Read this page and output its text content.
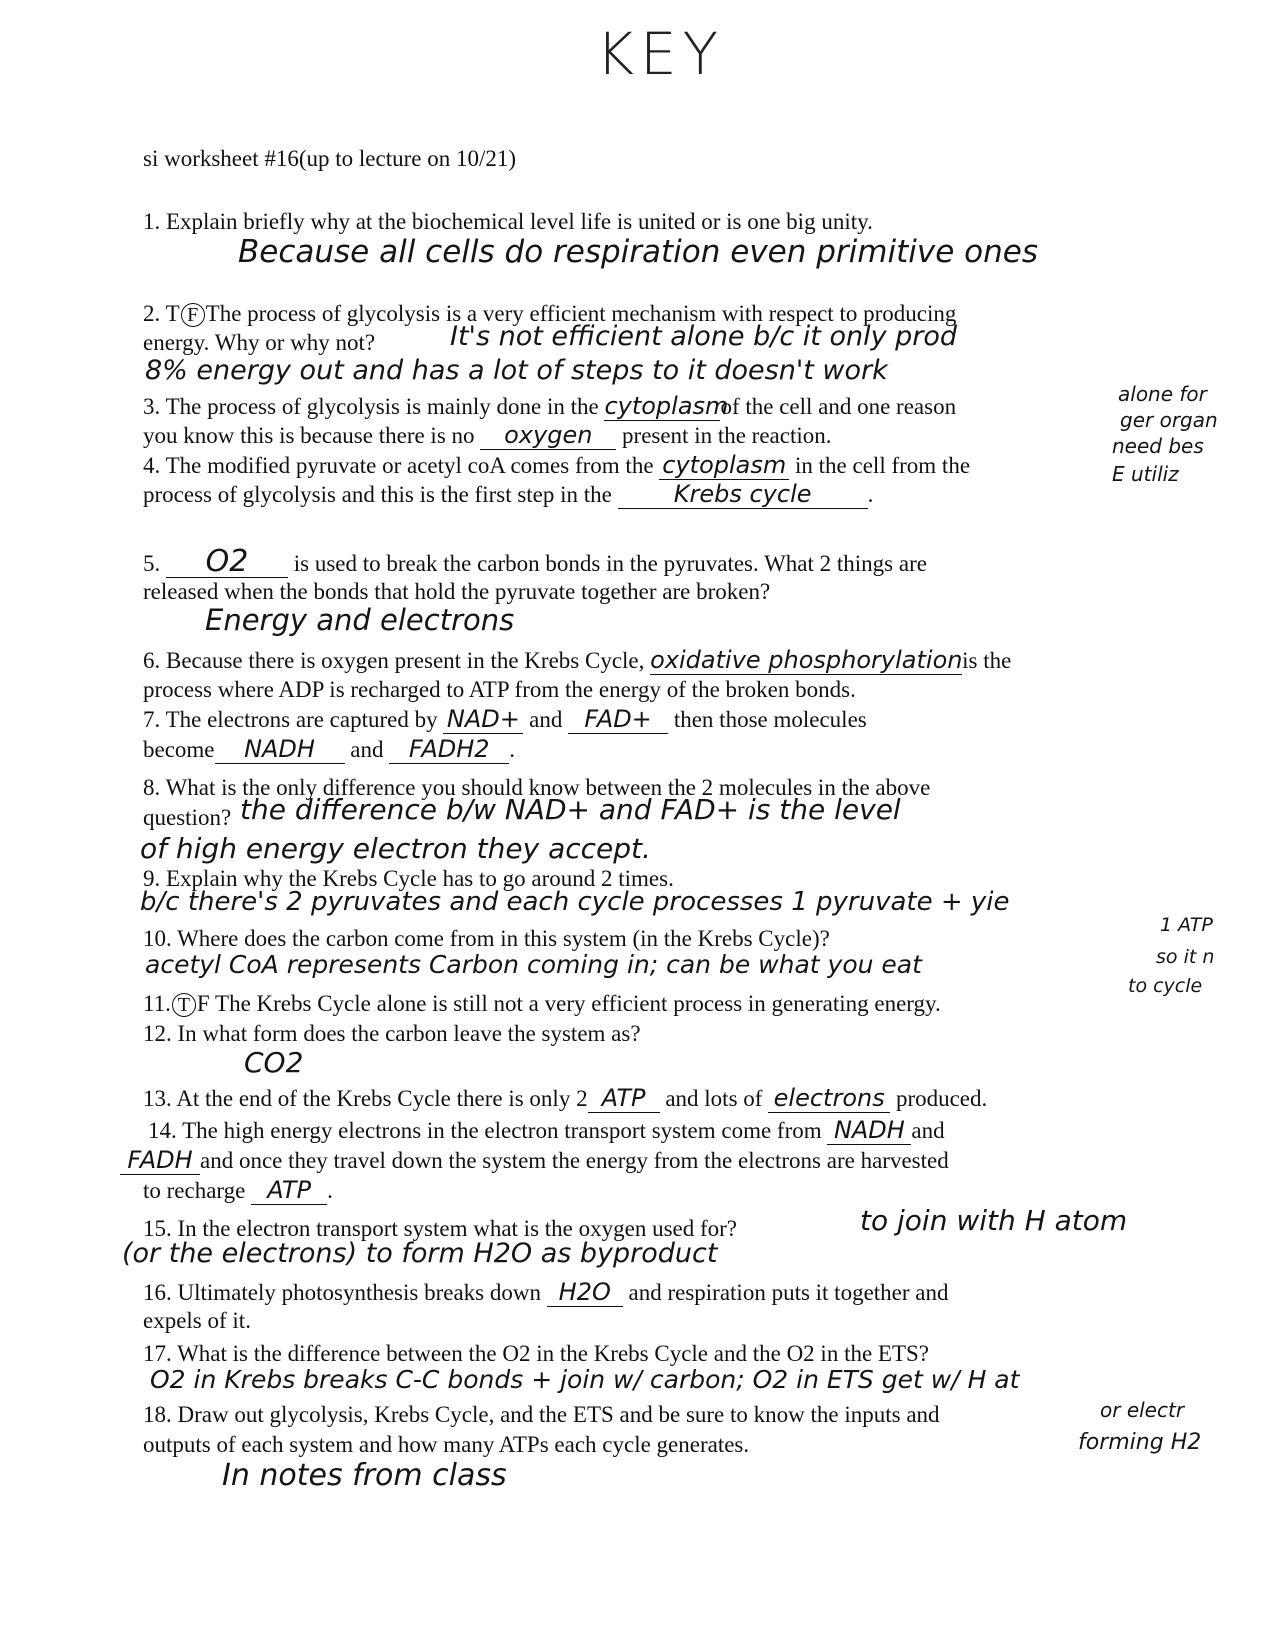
KEY
si worksheet #16(up to lecture on 10/21)
1. Explain briefly why at the biochemical level life is united or is one big unity.
Because all cells do respiration even primitive ones
2. T F The process of glycolysis is a very efficient mechanism with respect to producing
energy. Why or why not?	It's not efficient alone b/c it only prod
8% energy out and has a lot of steps to it doesn't work
alone for
ger organ
need bes
E utiliz
3. The process of glycolysis is mainly done in the cytoplasmof the cell and one reason
you know this is because there is no oxygen present in the reaction.
4. The modified pyruvate or acetyl coA comes from the cytoplasm in the cell from the
process of glycolysis and this is the first step in the	Krebs cycle .
5. O2 is used to break the carbon bonds in the pyruvates. What 2 things are
released when the bonds that hold the pyruvate together are broken?
Energy and electrons
6. Because there is oxygen present in the Krebs Cycle, oxidative phosphorylationis the
process where ADP is recharged to ATP from the energy of the broken bonds.
7. The electrons are captured by NAD+ and FAD+ then those molecules
become NADH and FADH2 .
8. What is the only difference you should know between the 2 molecules in the above
question? the difference b/w NAD+ and FAD+ is the level
of high energy electron they accept.
9. Explain why the Krebs Cycle has to go around 2 times.
b/c there's 2 pyruvates and each cycle processes 1 pyruvate + yie
1 ATP
so it n
to cycle
10. Where does the carbon come from in this system (in the Krebs Cycle)?
acetyl CoA represents Carbon coming in; can be what you eat
11. T F The Krebs Cycle alone is still not a very efficient process in generating energy.
12. In what form does the carbon leave the system as?
CO2
13. At the end of the Krebs Cycle there is only 2 ATP and lots of electrons produced.
14. The high energy electrons in the electron transport system come from NADH and
FADH and once they travel down the system the energy from the electrons are harvested
to recharge ATP .
15. In the electron transport system what is the oxygen used for?	to join with H atom
(or the electrons) to form H2O as byproduct
16. Ultimately photosynthesis breaks down H2O and respiration puts it together and
expels of it.
17. What is the difference between the O2 in the Krebs Cycle and the O2 in the ETS?
O2 in Krebs breaks C-C bonds + join w/ carbon; O2 in ETS get w/ H at
or electr
forming H2
18. Draw out glycolysis, Krebs Cycle, and the ETS and be sure to know the inputs and
outputs of each system and how many ATPs each cycle generates.
In notes from class
